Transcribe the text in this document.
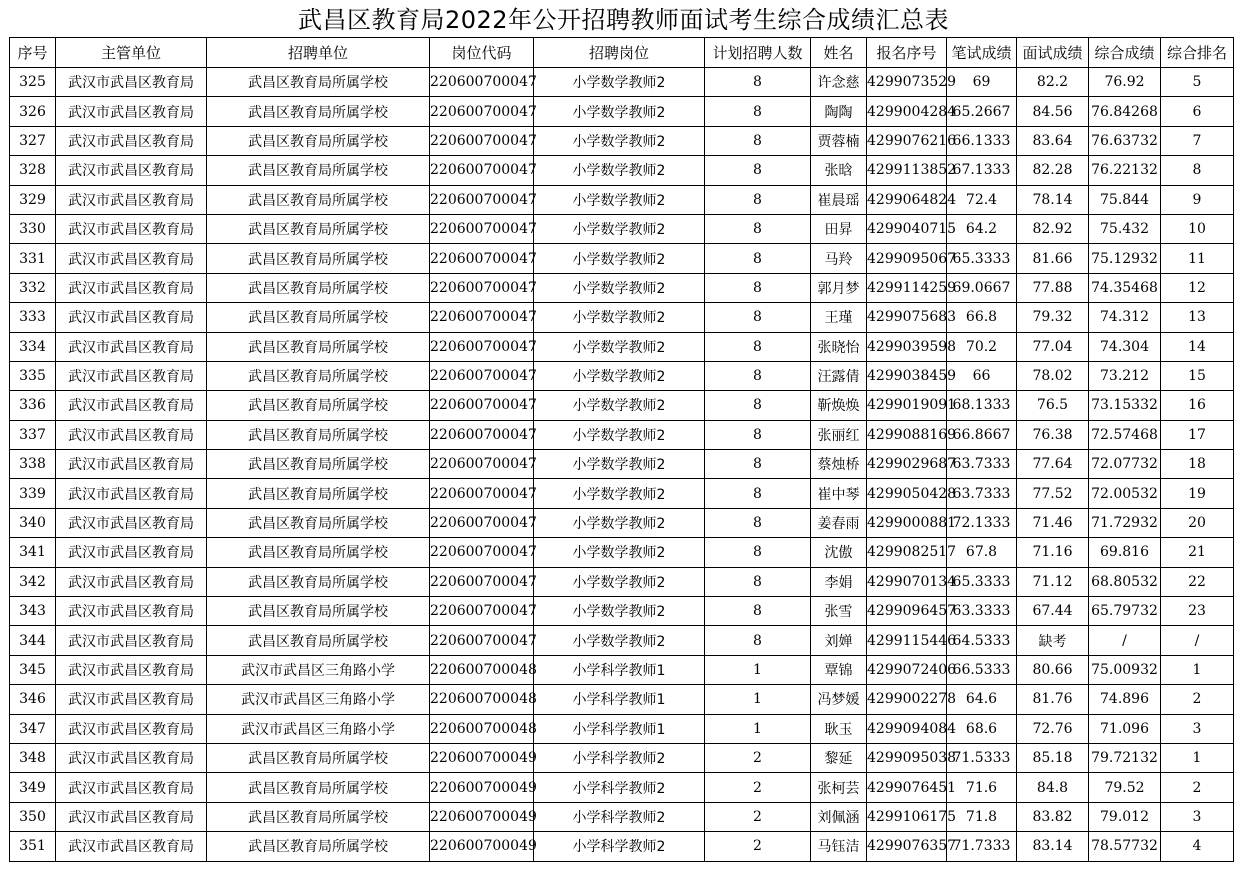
武昌区教育局2022年公开招聘教师面试考生综合成绩汇总表
序号	主管单位	招聘单位	岗位代码	招聘岗位	计划招聘人数	姓名	报名序号	笔试成绩	面试成绩	综合成绩	综合排名
325	武汉市武昌区教育局	武昌区教育局所属学校	220600700047	小学数学教师2	8	许念慈	4299073529	69	82.2	76.92	5
326	武汉市武昌区教育局	武昌区教育局所属学校	220600700047	小学数学教师2	8	陶陶	4299004284	65.2667	84.56	76.84268	6
327	武汉市武昌区教育局	武昌区教育局所属学校	220600700047	小学数学教师2	8	贾蓉楠	4299076216	66.1333	83.64	76.63732	7
328	武汉市武昌区教育局	武昌区教育局所属学校	220600700047	小学数学教师2	8	张晗	4299113852	67.1333	82.28	76.22132	8
329	武汉市武昌区教育局	武昌区教育局所属学校	220600700047	小学数学教师2	8	崔晨瑶	4299064824	72.4	78.14	75.844	9
330	武汉市武昌区教育局	武昌区教育局所属学校	220600700047	小学数学教师2	8	田昇	4299040715	64.2	82.92	75.432	10
331	武汉市武昌区教育局	武昌区教育局所属学校	220600700047	小学数学教师2	8	马羚	4299095067	65.3333	81.66	75.12932	11
332	武汉市武昌区教育局	武昌区教育局所属学校	220600700047	小学数学教师2	8	郭月梦	4299114259	69.0667	77.88	74.35468	12
333	武汉市武昌区教育局	武昌区教育局所属学校	220600700047	小学数学教师2	8	王瑾	4299075683	66.8	79.32	74.312	13
334	武汉市武昌区教育局	武昌区教育局所属学校	220600700047	小学数学教师2	8	张晓怡	4299039598	70.2	77.04	74.304	14
335	武汉市武昌区教育局	武昌区教育局所属学校	220600700047	小学数学教师2	8	汪露倩	4299038459	66	78.02	73.212	15
336	武汉市武昌区教育局	武昌区教育局所属学校	220600700047	小学数学教师2	8	靳焕焕	4299019091	68.1333	76.5	73.15332	16
337	武汉市武昌区教育局	武昌区教育局所属学校	220600700047	小学数学教师2	8	张丽红	4299088169	66.8667	76.38	72.57468	17
338	武汉市武昌区教育局	武昌区教育局所属学校	220600700047	小学数学教师2	8	蔡烛桥	4299029687	63.7333	77.64	72.07732	18
339	武汉市武昌区教育局	武昌区教育局所属学校	220600700047	小学数学教师2	8	崔中琴	4299050428	63.7333	77.52	72.00532	19
340	武汉市武昌区教育局	武昌区教育局所属学校	220600700047	小学数学教师2	8	姜春雨	4299000881	72.1333	71.46	71.72932	20
341	武汉市武昌区教育局	武昌区教育局所属学校	220600700047	小学数学教师2	8	沈傲	4299082517	67.8	71.16	69.816	21
342	武汉市武昌区教育局	武昌区教育局所属学校	220600700047	小学数学教师2	8	李娟	4299070134	65.3333	71.12	68.80532	22
343	武汉市武昌区教育局	武昌区教育局所属学校	220600700047	小学数学教师2	8	张雪	4299096457	63.3333	67.44	65.79732	23
344	武汉市武昌区教育局	武昌区教育局所属学校	220600700047	小学数学教师2	8	刘婵	4299115446	64.5333	缺考	/	/
345	武汉市武昌区教育局	武汉市武昌区三角路小学	220600700048	小学科学教师1	1	覃锦	4299072406	66.5333	80.66	75.00932	1
346	武汉市武昌区教育局	武汉市武昌区三角路小学	220600700048	小学科学教师1	1	冯梦媛	4299002278	64.6	81.76	74.896	2
347	武汉市武昌区教育局	武汉市武昌区三角路小学	220600700048	小学科学教师1	1	耿玉	4299094084	68.6	72.76	71.096	3
348	武汉市武昌区教育局	武昌区教育局所属学校	220600700049	小学科学教师2	2	黎延	4299095038	71.5333	85.18	79.72132	1
349	武汉市武昌区教育局	武昌区教育局所属学校	220600700049	小学科学教师2	2	张柯芸	4299076451	71.6	84.8	79.52	2
350	武汉市武昌区教育局	武昌区教育局所属学校	220600700049	小学科学教师2	2	刘佩涵	4299106175	71.8	83.82	79.012	3
351	武汉市武昌区教育局	武昌区教育局所属学校	220600700049	小学科学教师2	2	马钰洁	4299076357	71.7333	83.14	78.57732	4
